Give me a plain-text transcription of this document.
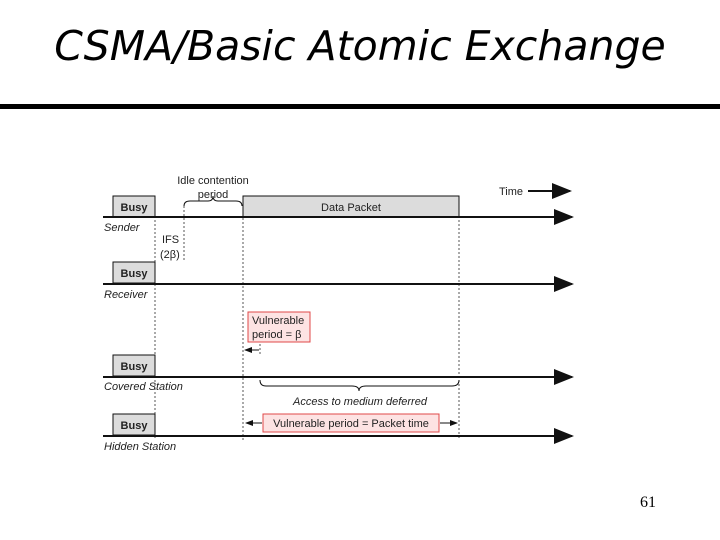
CSMA/Basic Atomic Exchange
Time
Idle contention
period
Busy	Data Packet
Sender
IFS
(2β)
Busy
Receiver
Vulnerable
period = β
Busy
Covered Station
Access to medium deferred
Busy	Vulnerable period = Packet time
Hidden Station
61
